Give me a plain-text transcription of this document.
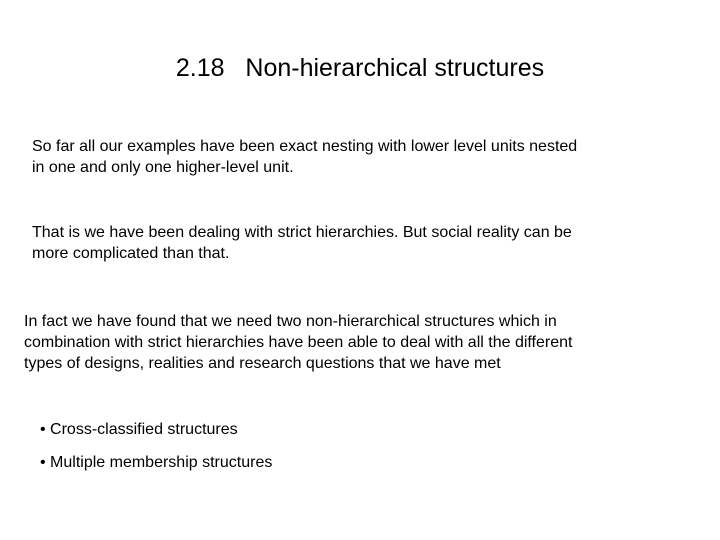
2.18   Non-hierarchical structures

So far all our examples have been exact nesting with lower level units nested
in one and only one higher-level unit.

That is we have been dealing with strict hierarchies. But social reality can be
more complicated than that.

In fact we have found that we need two non-hierarchical structures which in
combination with strict hierarchies have been able to deal with all the different
types of designs, realities and research questions that we have met

• Cross-classified structures
• Multiple membership structures
